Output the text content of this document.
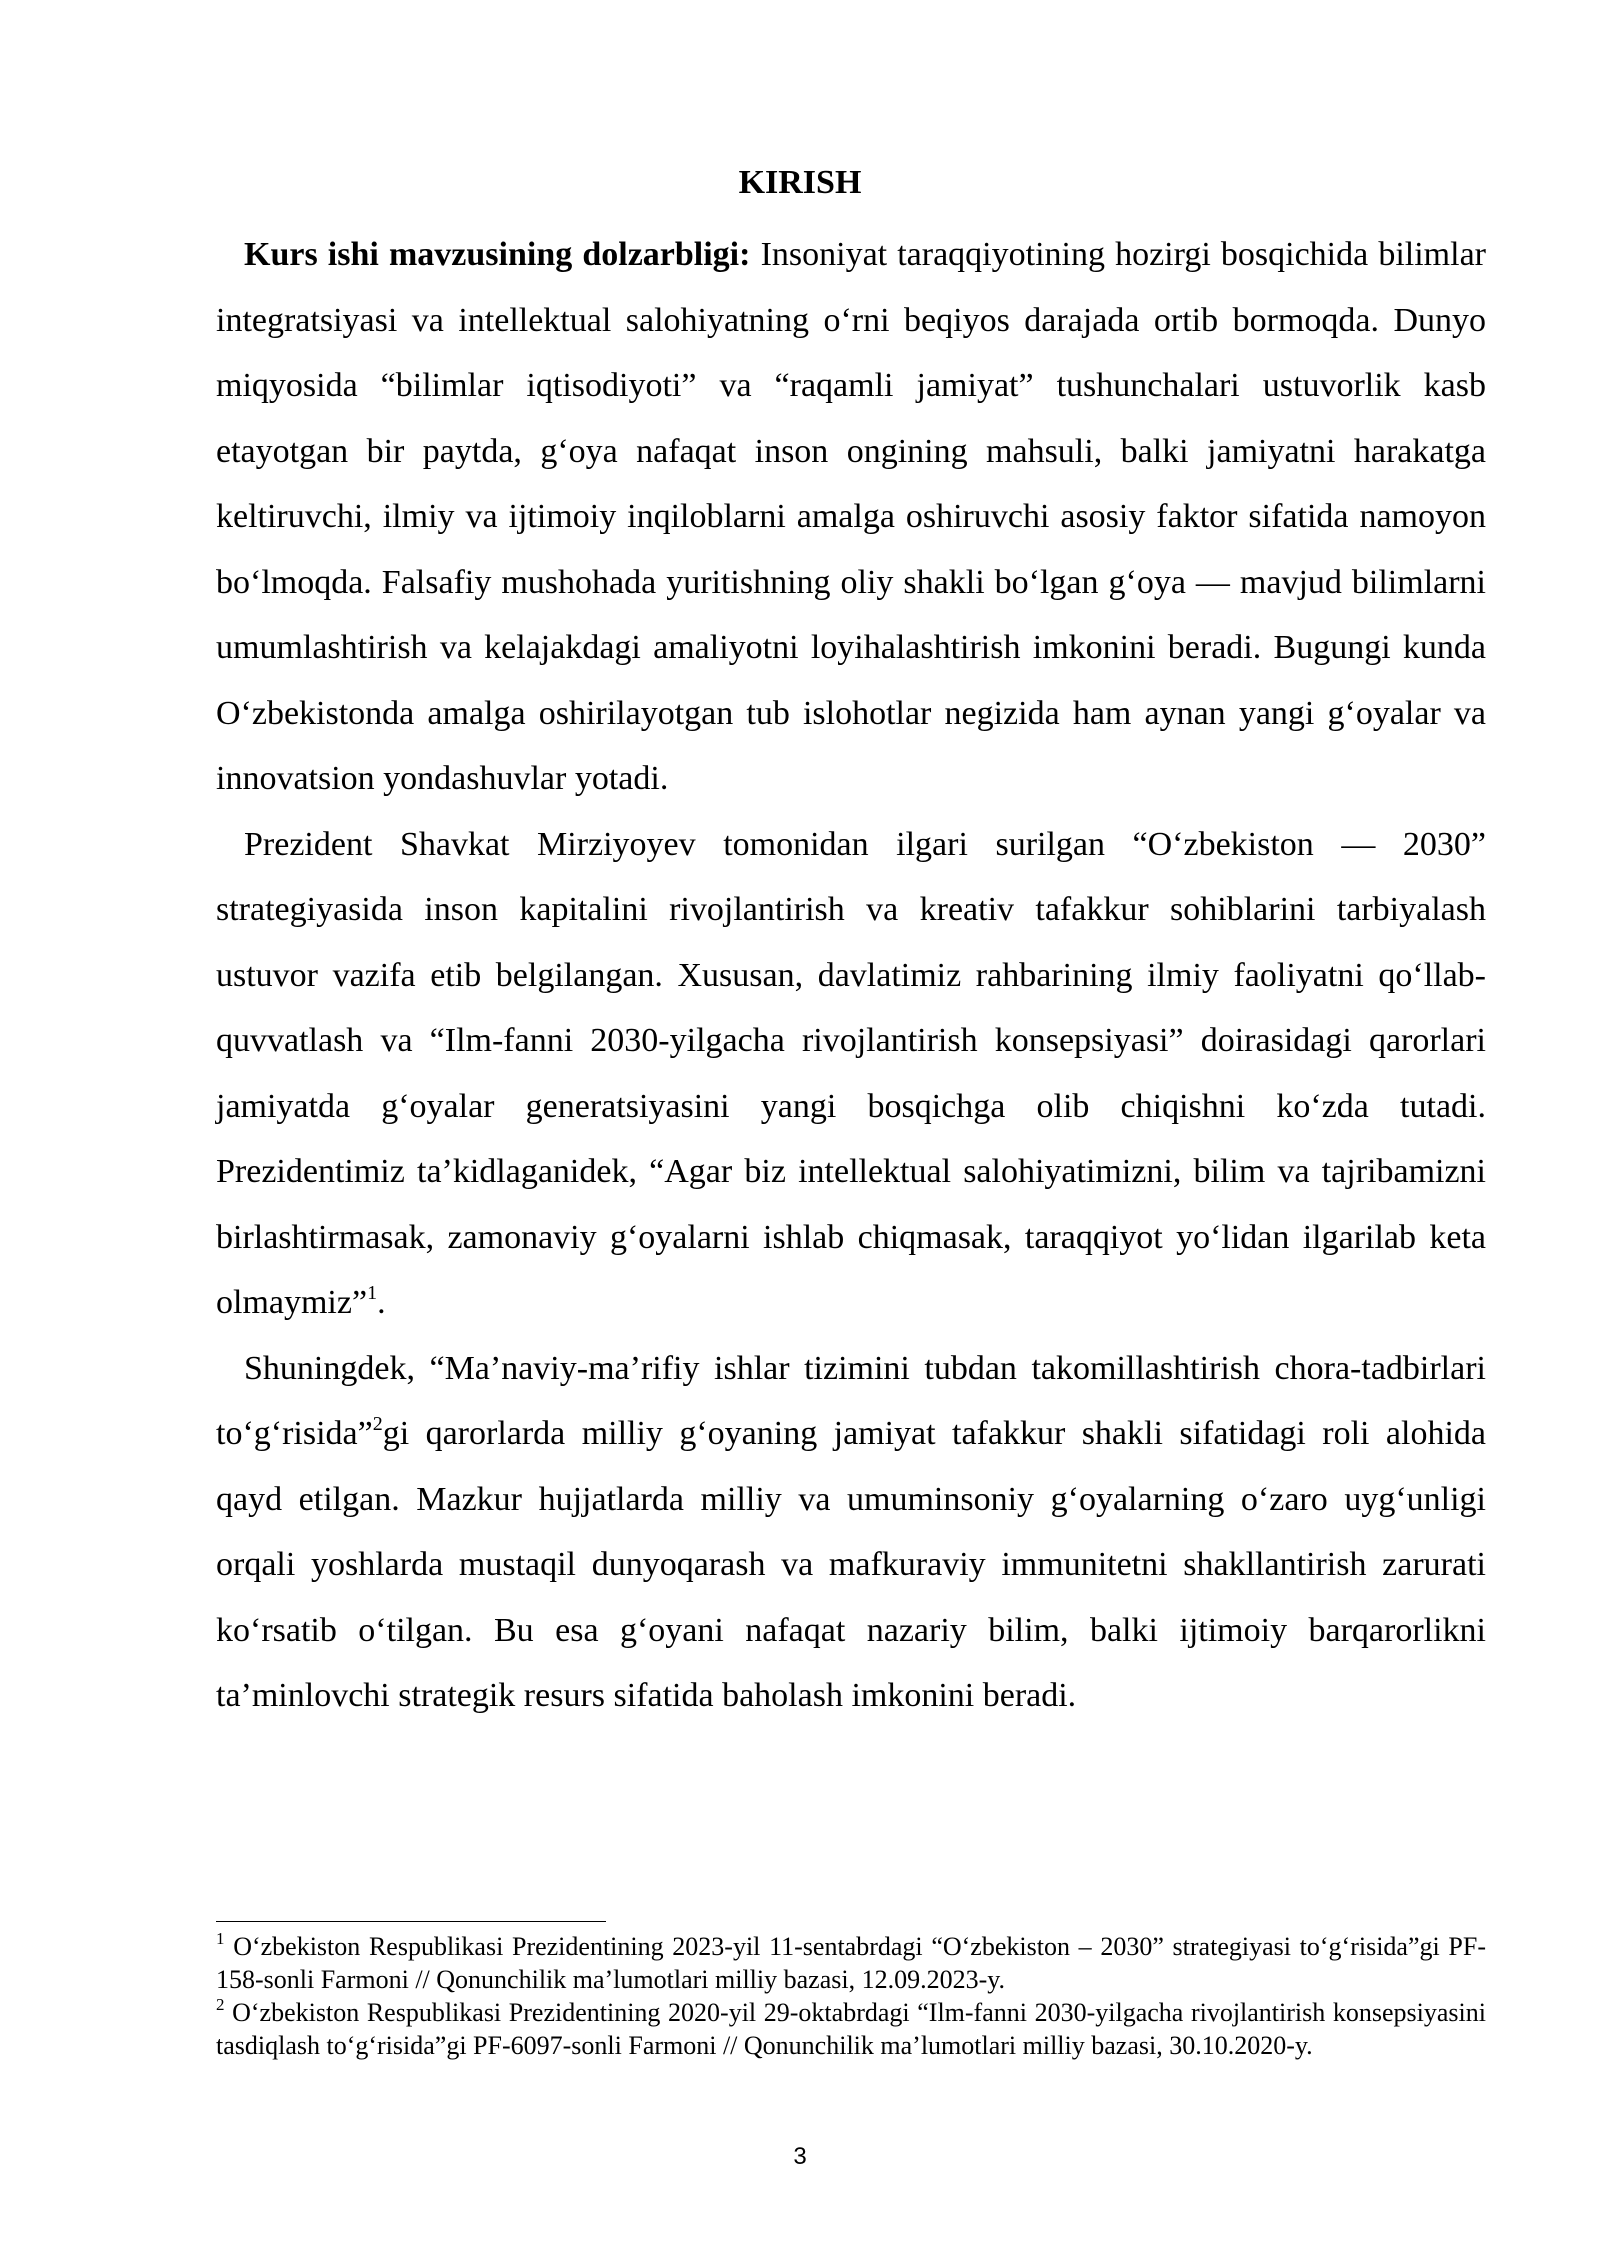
KIRISH

Kurs ishi mavzusining dolzarbligi: Insoniyat taraqqiyotining hozirgi bosqichida bilimlar integratsiyasi va intellektual salohiyatning o‘rni beqiyos darajada ortib bormoqda. Dunyo miqyosida “bilimlar iqtisodiyoti” va “raqamli jamiyat” tushunchalari ustuvorlik kasb etayotgan bir paytda, g‘oya nafaqat inson ongining mahsuli, balki jamiyatni harakatga keltiruvchi, ilmiy va ijtimoiy inqiloblarni amalga oshiruvchi asosiy faktor sifatida namoyon bo‘lmoqda. Falsafiy mushohada yuritishning oliy shakli bo‘lgan g‘oya — mavjud bilimlarni umumlashtirish va kelajakdagi amaliyotni loyihalashtirish imkonini beradi. Bugungi kunda O‘zbekistonda amalga oshirilayotgan tub islohotlar negizida ham aynan yangi g‘oyalar va innovatsion yondashuvlar yotadi.

Prezident Shavkat Mirziyoyev tomonidan ilgari surilgan “O‘zbekiston — 2030” strategiyasida inson kapitalini rivojlantirish va kreativ tafakkur sohiblarini tarbiyalash ustuvor vazifa etib belgilangan. Xususan, davlatimiz rahbarining ilmiy faoliyatni qo‘llab-quvvatlash va “Ilm-fanni 2030-yilgacha rivojlantirish konsepsiyasi” doirasidagi qarorlari jamiyatda g‘oyalar generatsiyasini yangi bosqichga olib chiqishni ko‘zda tutadi. Prezidentimiz ta’kidlaganidek, “Agar biz intellektual salohiyatimizni, bilim va tajribamizni birlashtirmasak, zamonaviy g‘oyalarni ishlab chiqmasak, taraqqiyot yo‘lidan ilgarilab keta olmaymiz”$^1$.

Shuningdek, “Ma’naviy-ma’rifiy ishlar tizimini tubdan takomillashtirish chora-tadbirlari to‘g‘risida”$^2$gi qarorlarda milliy g‘oyaning jamiyat tafakkur shakli sifatidagi roli alohida qayd etilgan. Mazkur hujjatlarda milliy va umuminsoniy g‘oyalarning o‘zaro uyg‘unligi orqali yoshlarda mustaqil dunyoqarash va mafkuraviy immunitetni shakllantirish zarurati ko‘rsatib o‘tilgan. Bu esa g‘oyani nafaqat nazariy bilim, balki ijtimoiy barqarorlikni ta’minlovchi strategik resurs sifatida baholash imkonini beradi.

$^1$ O‘zbekiston Respublikasi Prezidentining 2023-yil 11-sentabrdagi “O‘zbekiston – 2030” strategiyasi to‘g‘risida”gi PF-158-sonli Farmoni // Qonunchilik ma’lumotlari milliy bazasi, 12.09.2023-y.

$^2$ O‘zbekiston Respublikasi Prezidentining 2020-yil 29-oktabrdagi “Ilm-fanni 2030-yilgacha rivojlantirish konsepsiyasini tasdiqlash to‘g‘risida”gi PF-6097-sonli Farmoni // Qonunchilik ma’lumotlari milliy bazasi, 30.10.2020-y.

3
